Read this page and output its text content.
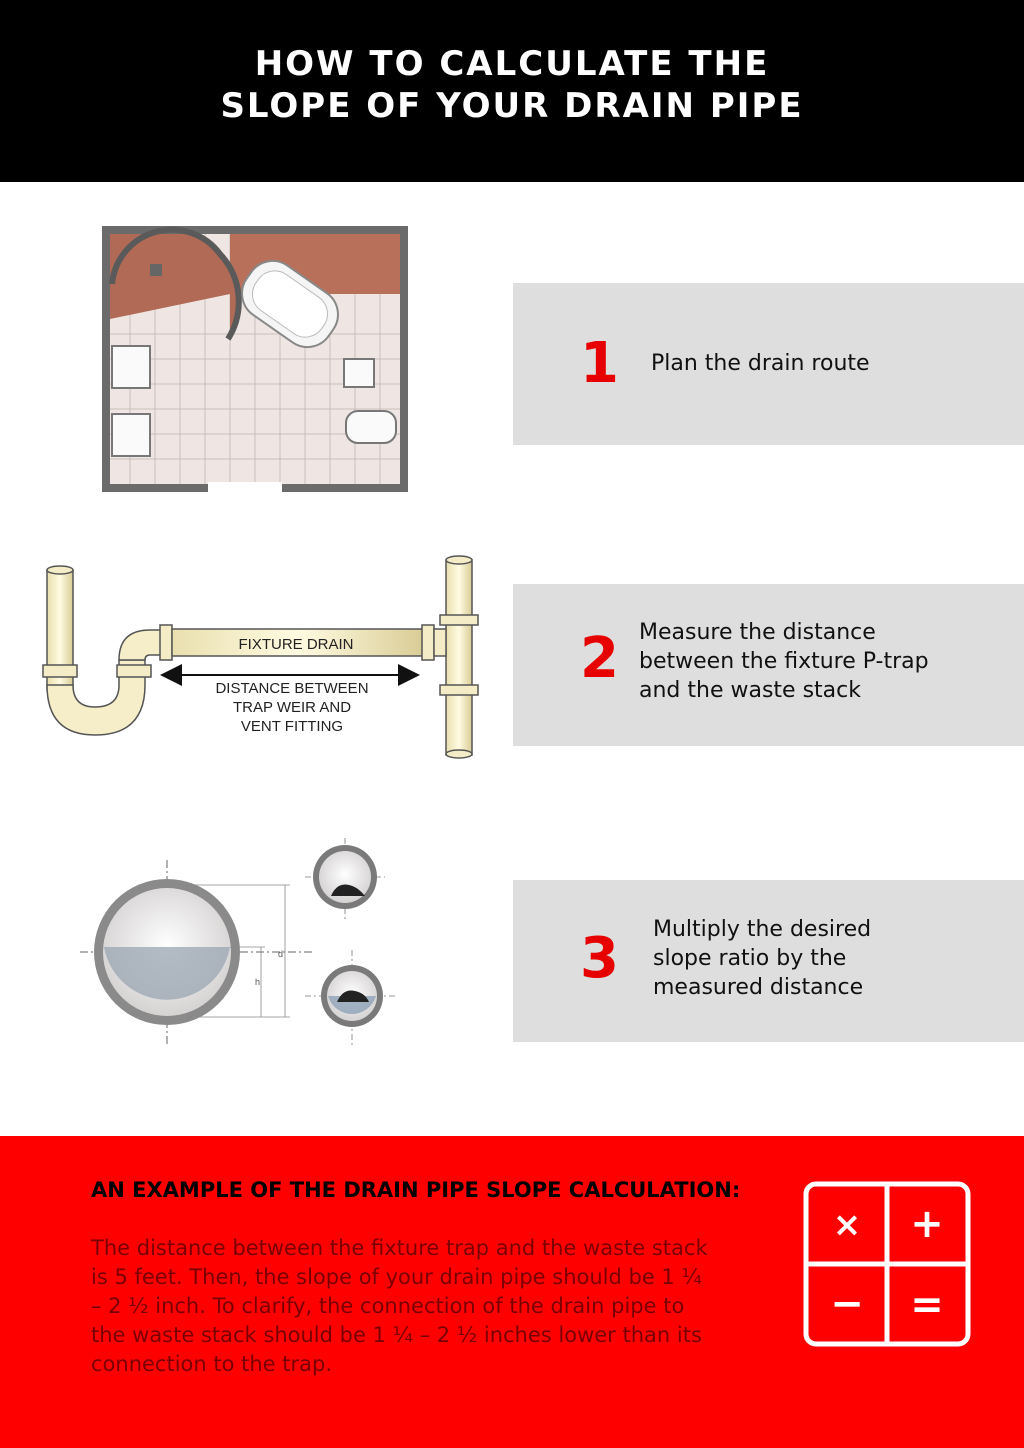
HOW TO CALCULATE THE
SLOPE OF YOUR DRAIN PIPE
FIXTURE DRAIN
DISTANCE BETWEEN
TRAP WEIR AND
VENT FITTING
d
h
1 Plan the drain route
2 Measure the distance
between the fixture P-trap
and the waste stack
3 Multiply the desired
slope ratio by the
measured distance
AN EXAMPLE OF THE DRAIN PIPE SLOPE CALCULATION:
The distance between the fixture trap and the waste stack
is 5 feet. Then, the slope of your drain pipe should be 1 ¼
– 2 ½ inch. To clarify, the connection of the drain pipe to
the waste stack should be 1 ¼ – 2 ½ inches lower than its
connection to the trap.
× +
− =
